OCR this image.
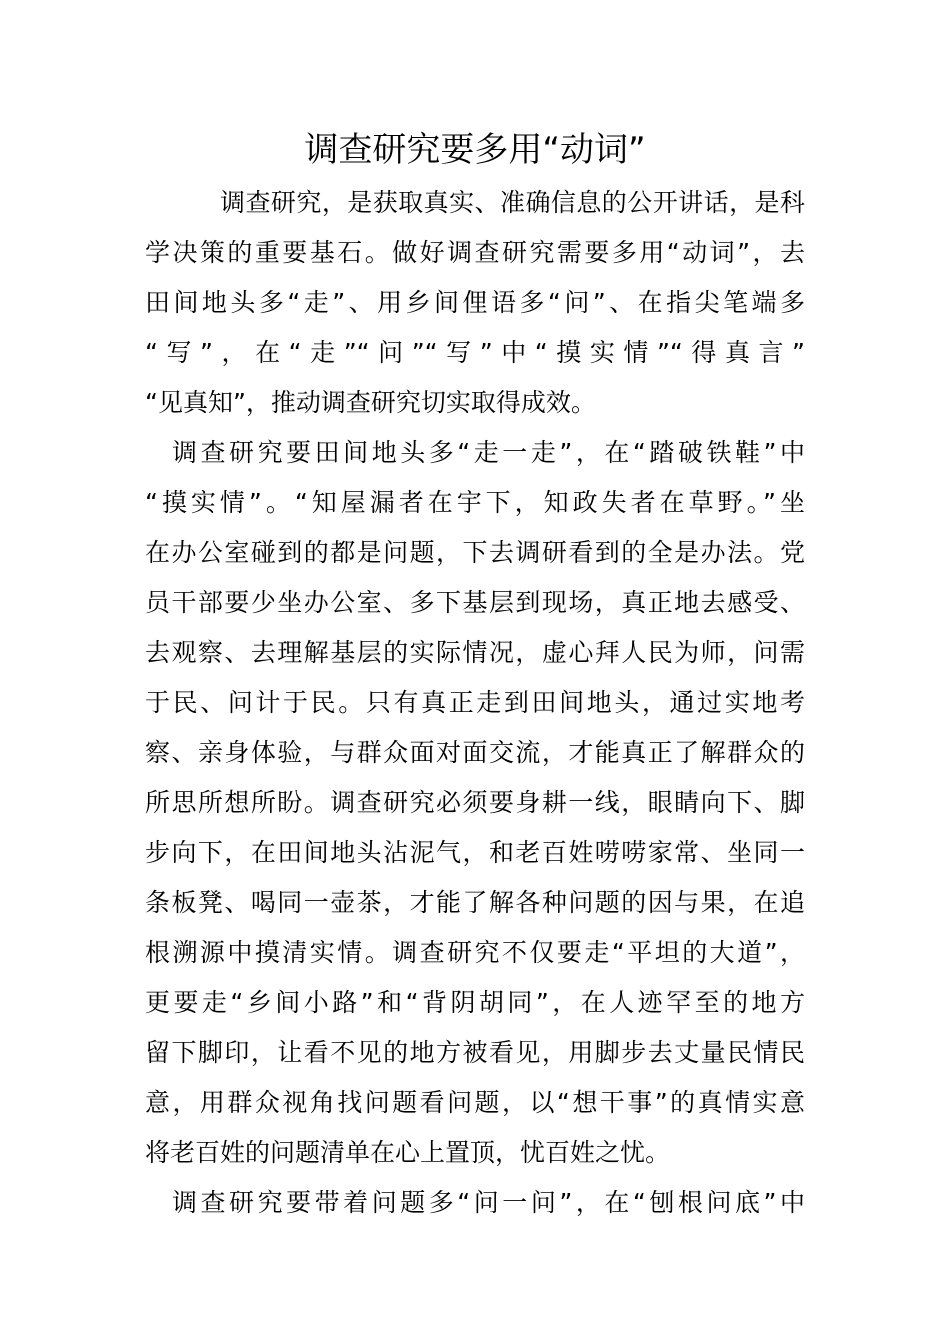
调查研究要多用“动词”
调查研究，是获取真实、准确信息的公开讲话，是科
学决策的重要基石。做好调查研究需要多用“动词”，去
田间地头多“走”、用乡间俚语多“问”、在指尖笔端多
“写”，在“走”“问”“写”中“摸实情”“得真言”
“见真知”，推动调查研究切实取得成效。
调查研究要田间地头多“走一走”，在“踏破铁鞋”中
“摸实情”。“知屋漏者在宇下，知政失者在草野。”坐
在办公室碰到的都是问题，下去调研看到的全是办法。党
员干部要少坐办公室、多下基层到现场，真正地去感受、
去观察、去理解基层的实际情况，虚心拜人民为师，问需
于民、问计于民。只有真正走到田间地头，通过实地考
察、亲身体验，与群众面对面交流，才能真正了解群众的
所思所想所盼。调查研究必须要身耕一线，眼睛向下、脚
步向下，在田间地头沾泥气，和老百姓唠唠家常、坐同一
条板凳、喝同一壶茶，才能了解各种问题的因与果，在追
根溯源中摸清实情。调查研究不仅要走“平坦的大道”，
更要走“乡间小路”和“背阴胡同”，在人迹罕至的地方
留下脚印，让看不见的地方被看见，用脚步去丈量民情民
意，用群众视角找问题看问题，以“想干事”的真情实意
将老百姓的问题清单在心上置顶，忧百姓之忧。
调查研究要带着问题多“问一问”，在“刨根问底”中
